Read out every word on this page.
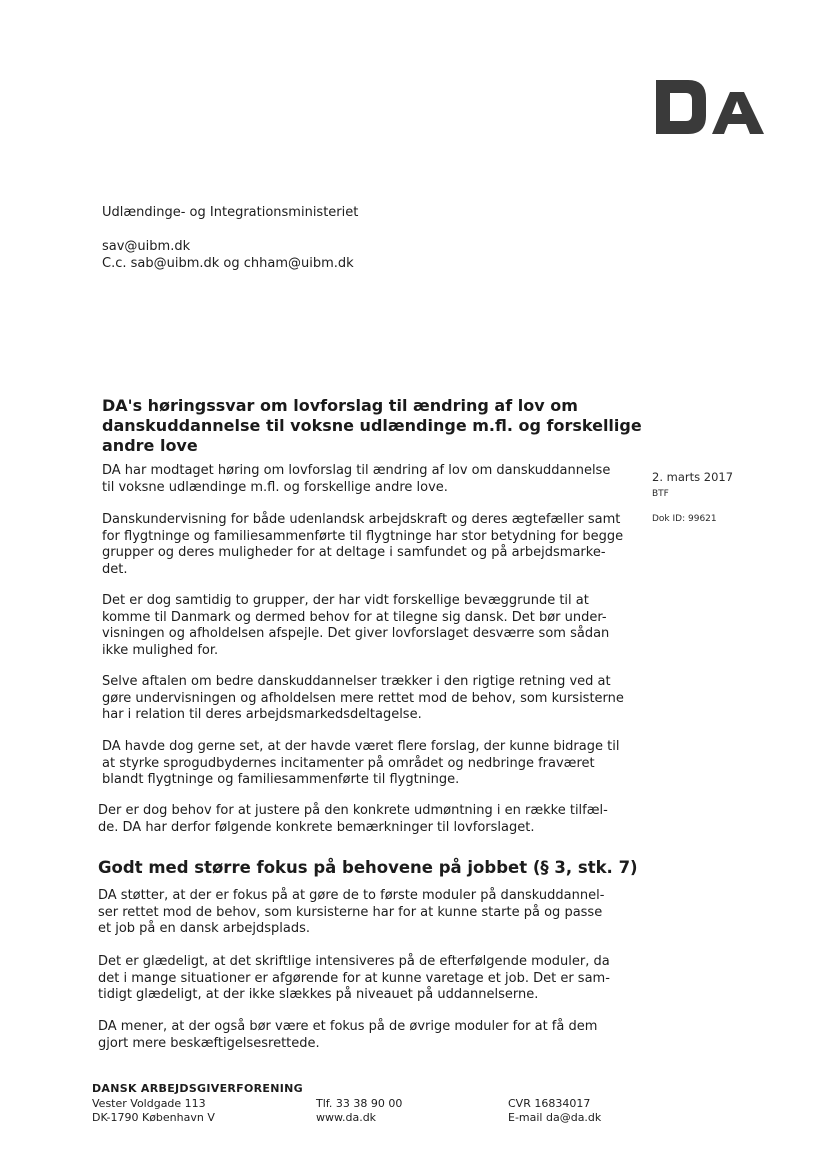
Udlændinge- og Integrationsministeriet
sav@uibm.dk
C.c. sab@uibm.dk og chham@uibm.dk
DA's høringssvar om lovforslag til ændring af lov om
danskuddannelse til voksne udlændinge m.fl. og forskellige
andre love
2. marts 2017
BTF
Dok ID: 99621
DA har modtaget høring om lovforslag til ændring af lov om danskuddannelse
til voksne udlændinge m.fl. og forskellige andre love.
Danskundervisning for både udenlandsk arbejdskraft og deres ægtefæller samt
for flygtninge og familiesammenførte til flygtninge har stor betydning for begge
grupper og deres muligheder for at deltage i samfundet og på arbejdsmarke-
det.
Det er dog samtidig to grupper, der har vidt forskellige bevæggrunde til at
komme til Danmark og dermed behov for at tilegne sig dansk. Det bør under-
visningen og afholdelsen afspejle. Det giver lovforslaget desværre som sådan
ikke mulighed for.
Selve aftalen om bedre danskuddannelser trækker i den rigtige retning ved at
gøre undervisningen og afholdelsen mere rettet mod de behov, som kursisterne
har i relation til deres arbejdsmarkedsdeltagelse.
DA havde dog gerne set, at der havde været flere forslag, der kunne bidrage til
at styrke sprogudbydernes incitamenter på området og nedbringe fraværet
blandt flygtninge og familiesammenførte til flygtninge.
Der er dog behov for at justere på den konkrete udmøntning i en række tilfæl-
de. DA har derfor følgende konkrete bemærkninger til lovforslaget.
Godt med større fokus på behovene på jobbet (§ 3, stk. 7)
DA støtter, at der er fokus på at gøre de to første moduler på danskuddannel-
ser rettet mod de behov, som kursisterne har for at kunne starte på og passe
et job på en dansk arbejdsplads.
Det er glædeligt, at det skriftlige intensiveres på de efterfølgende moduler, da
det i mange situationer er afgørende for at kunne varetage et job. Det er sam-
tidigt glædeligt, at der ikke slækkes på niveauet på uddannelserne.
DA mener, at der også bør være et fokus på de øvrige moduler for at få dem
gjort mere beskæftigelsesrettede.
DANSK ARBEJDSGIVERFORENING
Vester Voldgade 113
DK-1790 København V
Tlf. 33 38 90 00
www.da.dk
CVR 16834017
E-mail da@da.dk
